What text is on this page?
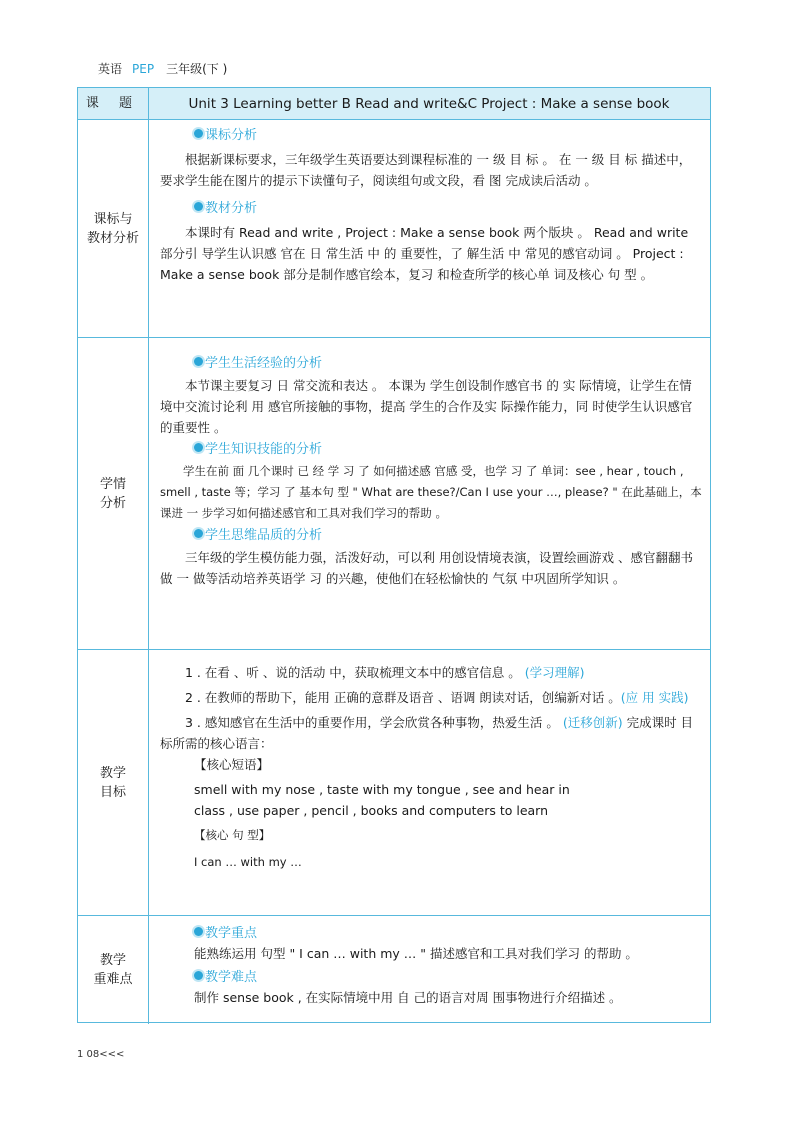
英语 PEP 三年级(下 )
课 题	Unit 3 Learning better B Read and write&C Project : Make a sense book
课标与
教材分析
课标分析

根据新课标要求，三年级学生英语要达到课程标准的 一 级 目 标 。 在 一 级 目 标 描述中，要求学生能在图片的提示下读懂句子，阅读组句或文段，看 图 完成读后活动 。

教材分析

本课时有 Read and write , Project : Make a sense book 两个版块 。 Read and write 部分引 导学生认识感 官在 日 常生活 中 的 重要性，了 解生活 中 常见的感官动词 。 Project : Make a sense book 部分是制作感官绘本，复习 和检查所学的核心单 词及核心 句 型 。

学情
分析
学生生活经验的分析

本节课主要复习 日 常交流和表达 。 本课为 学生创设制作感官书 的 实 际情境，让学生在情境中交流讨论利 用 感官所接触的事物，提高 学生的合作及实 际操作能力，同 时使学生认识感官的重要性 。

学生知识技能的分析

学生在前 面 几个课时 已 经 学 习 了 如何描述感 官感 受，也学 习 了 单词：see , hear , touch , smell , taste 等；学习 了 基本句 型 " What are these?/Can I use your …, please? " 在此基础上，本课进 一 步学习如何描述感官和工具对我们学习的帮助 。

学生思维品质的分析

三年级的学生模仿能力强，活泼好动，可以利 用创设情境表演，设置绘画游戏 、感官翻翻书做 一 做等活动培养英语学 习 的兴趣，使他们在轻松愉快的 气氛 中巩固所学知识 。

教学
目标

1 . 在看 、听 、说的活动 中，获取梳理文本中的感官信息 。 (学习理解)

2 . 在教师的帮助下，能用 正确的意群及语音 、语调 朗读对话，创编新对话 。(应 用 实践)

3 . 感知感官在生活中的重要作用，学会欣赏各种事物，热爱生活 。 (迁移创新) 完成课时 目 标所需的核心语言：

【核心短语】

smell with my nose , taste with my tongue , see and hear in

class , use paper , pencil , books and computers to learn

【核心 句 型】

I can … with my …

教学
重难点
教学重点

能熟练运用 句型 " I can … with my … " 描述感官和工具对我们学习 的帮助 。

教学难点

制作 sense book , 在实际情境中用 自 己的语言对周 围事物进行介绍描述 。

1 08<<<
